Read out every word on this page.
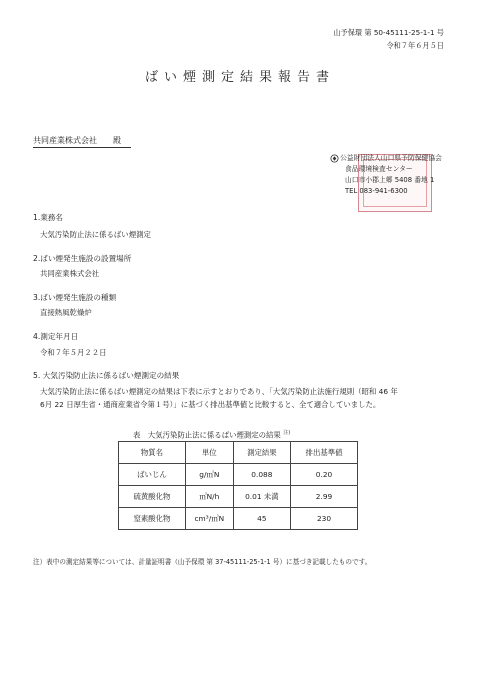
山予保環 第 50-45111-25-1-1 号
令和７年６月５日
ばい煙測定結果報告書
共同産業株式会社　　殿
公益財団法人山口県予防保健協会
食品環境検査センター
山口市小郡上郷 5408 番地 1
TEL 083-941-6300
1.業務名
大気汚染防止法に係るばい煙測定
2.ばい煙発生施設の設置場所
共同産業株式会社
3.ばい煙発生施設の種類
直接熱風乾燥炉
4.測定年月日
令和７年５月２２日
5. 大気汚染防止法に係るばい煙測定の結果
大気汚染防止法に係るばい煙測定の結果は下表に示すとおりであり、「大気汚染防止法施行規則（昭和 46 年
6月 22 日厚生省・通商産業省令第１号）」に基づく排出基準値と比較すると、全て適合していました。
表　大気汚染防止法に係るばい煙測定の結果 $^{注)}$
物質名	単位	測定結果	排出基準値
ばいじん	g/㎥N	0.088	0.20
硫黄酸化物	㎥N/h	0.01 未満	2.99
窒素酸化物	cm³/㎥N	45	230
注）表中の測定結果等については、計量証明書（山予保環 第 37-45111-25-1-1 号）に基づき記載したものです。
